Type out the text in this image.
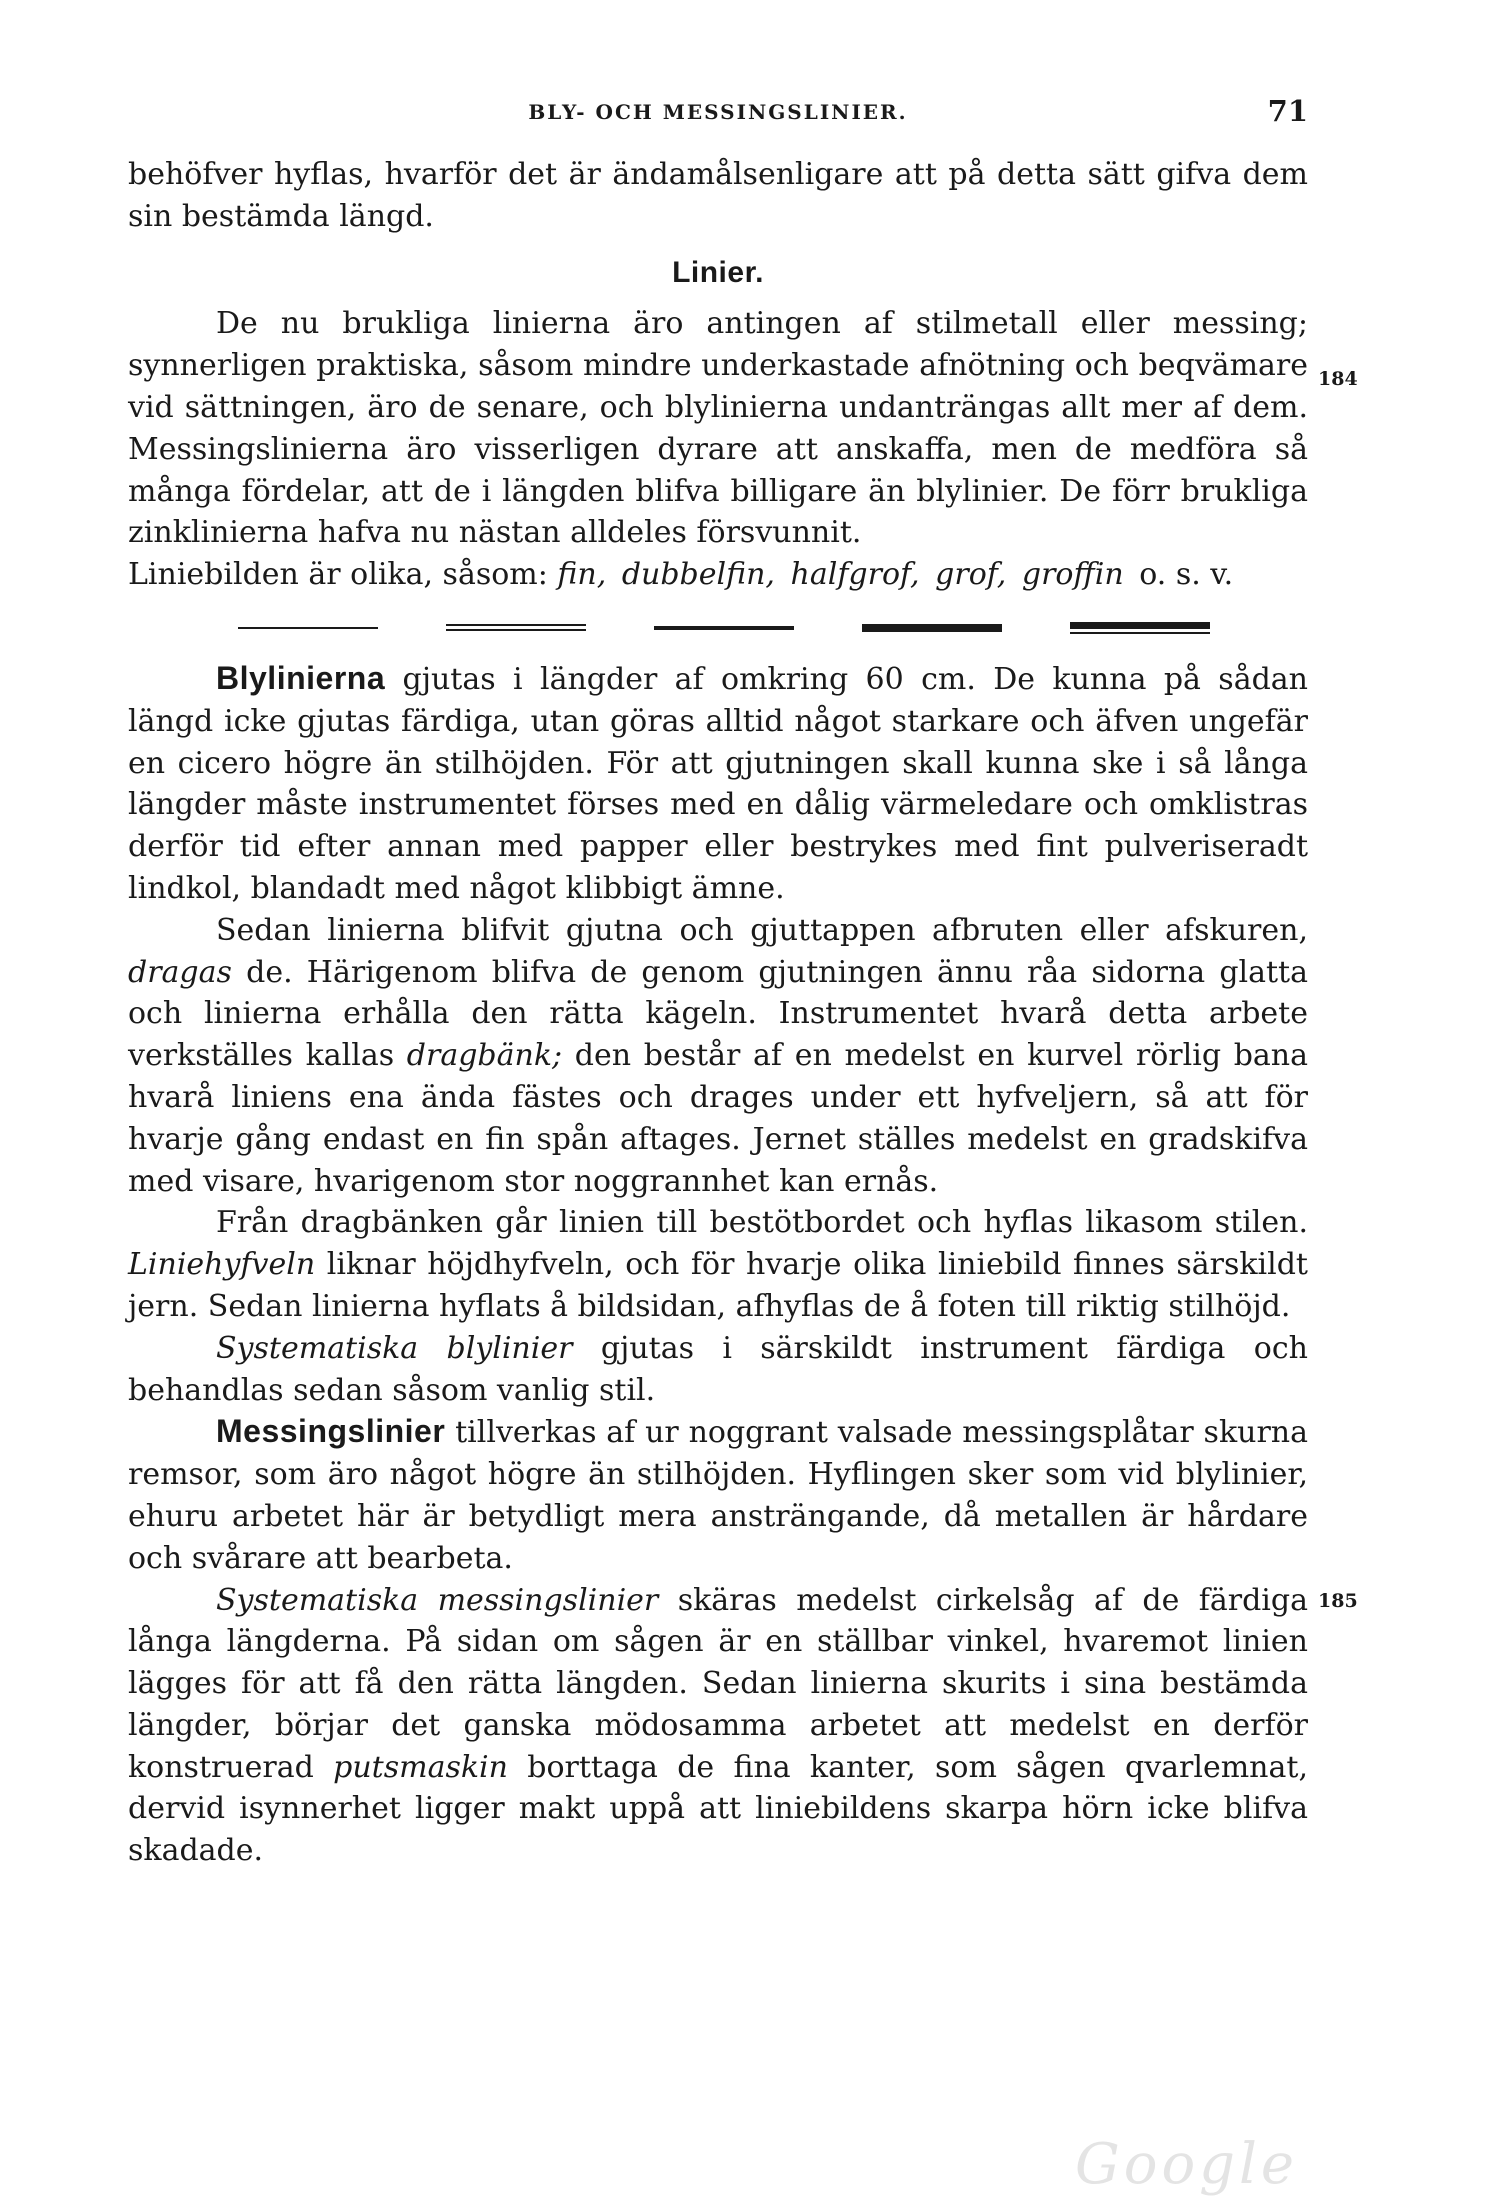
BLY- OCH MESSINGSLINIER.	71
184
185

behöfver hyflas, hvarför det är ändamålsenligare att på detta sätt gifva dem sin bestämda längd.

Linier.

De nu brukliga linierna äro antingen af stilmetall eller messing; synnerligen praktiska, såsom mindre underkastade afnötning och beqvämare vid sättningen, äro de senare, och blylinierna undanträngas allt mer af dem. Messingslinierna äro visserligen dyrare att anskaffa, men de medföra så många fördelar, att de i längden blifva billigare än blylinier. De förr brukliga zinklinierna hafva nu nästan alldeles försvunnit.
Liniebilden är olika, såsom: fin, dubbelfin, halfgrof, grof, groffin o. s. v.

Blylinierna gjutas i längder af omkring 60 cm. De kunna på sådan längd icke gjutas färdiga, utan göras alltid något starkare och äfven ungefär en cicero högre än stilhöjden. För att gjutningen skall kunna ske i så långa längder måste instrumentet förses med en dålig värmeledare och omklistras derför tid efter annan med papper eller bestrykes med fint pulveriseradt lindkol, blandadt med något klibbigt ämne.

Sedan linierna blifvit gjutna och gjuttappen afbruten eller afskuren, dragas de. Härigenom blifva de genom gjutningen ännu råa sidorna glatta och linierna erhålla den rätta kägeln. Instrumentet hvarå detta arbete verkställes kallas dragbänk; den består af en medelst en kurvel rörlig bana hvarå liniens ena ända fästes och drages under ett hyfveljern, så att för hvarje gång endast en fin spån aftages. Jernet ställes medelst en gradskifva med visare, hvarigenom stor noggrannhet kan ernås.

Från dragbänken går linien till bestötbordet och hyflas likasom stilen. Liniehyfveln liknar höjdhyfveln, och för hvarje olika liniebild finnes särskildt jern. Sedan linierna hyflats å bildsidan, afhyflas de å foten till riktig stilhöjd.

Systematiska blylinier gjutas i särskildt instrument färdiga och behandlas sedan såsom vanlig stil.

Messingslinier tillverkas af ur noggrant valsade messingsplåtar skurna remsor, som äro något högre än stilhöjden. Hyflingen sker som vid blylinier, ehuru arbetet här är betydligt mera ansträngande, då metallen är hårdare och svårare att bearbeta.

Systematiska messingslinier skäras medelst cirkelsåg af de färdiga långa längderna. På sidan om sågen är en ställbar vinkel, hvaremot linien lägges för att få den rätta längden. Sedan linierna skurits i sina bestämda längder, börjar det ganska mödosamma arbetet att medelst en derför konstruerad putsmaskin borttaga de fina kanter, som sågen qvarlemnat, dervid isynnerhet ligger makt uppå att liniebildens skarpa hörn icke blifva skadade.

Google
